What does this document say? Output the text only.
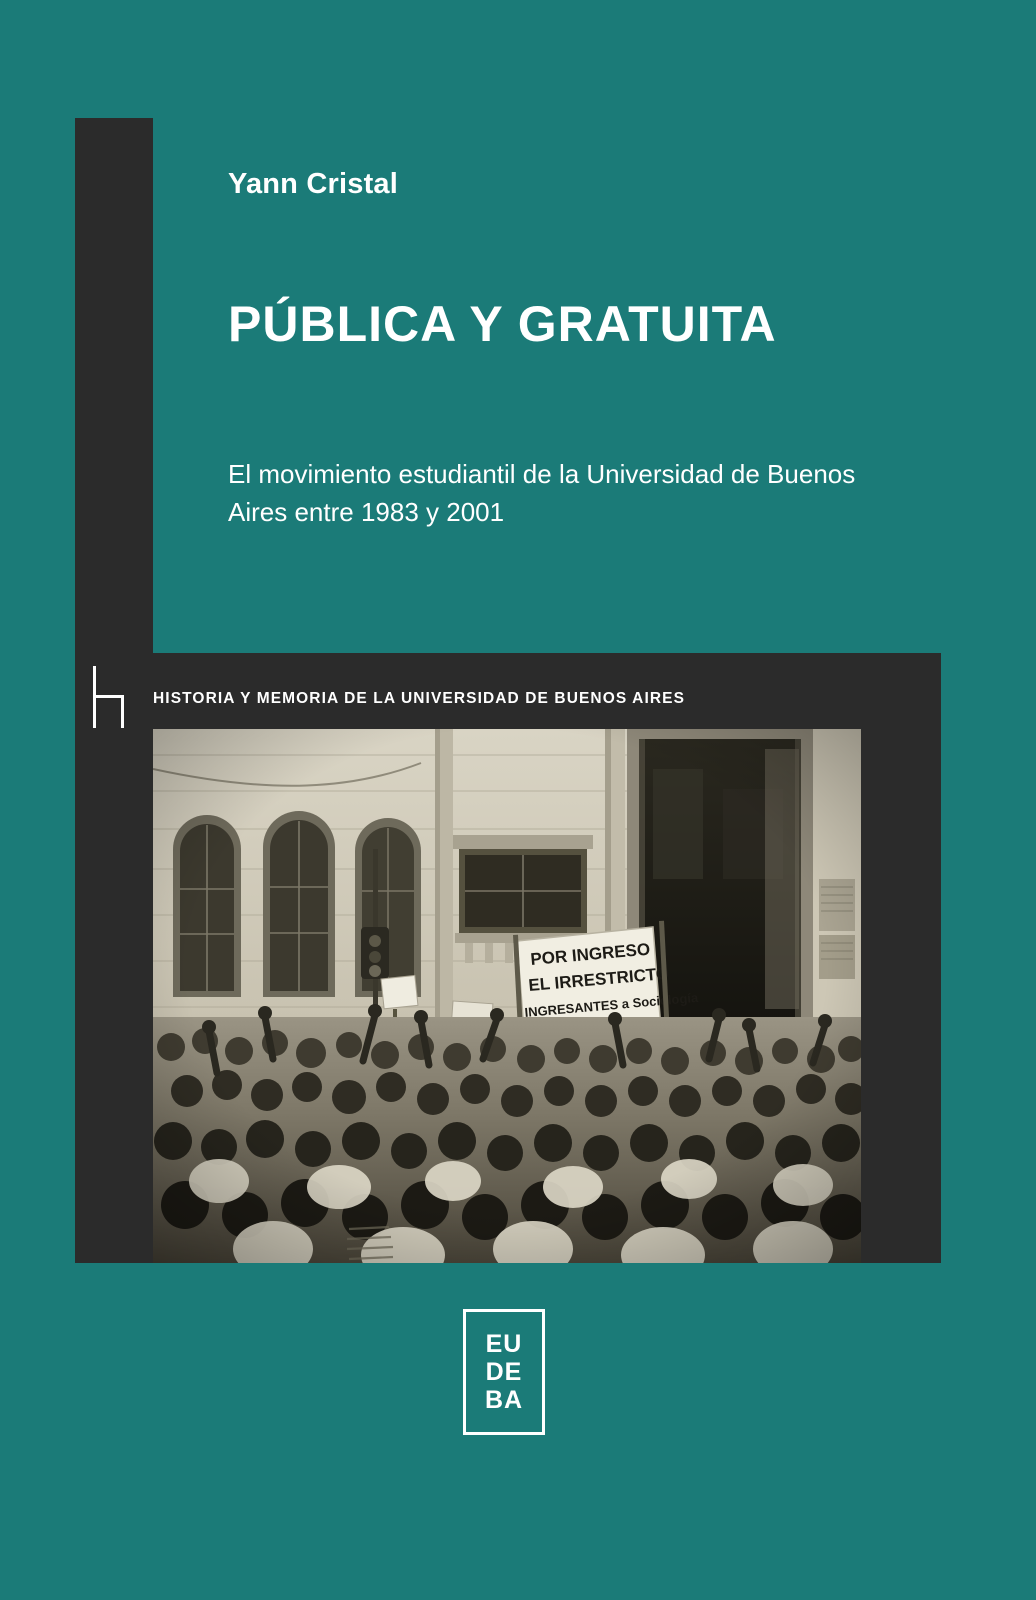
Yann Cristal
PÚBLICA Y GRATUITA
El movimiento estudiantil de la Universidad de Buenos Aires entre 1983 y 2001
HISTORIA Y MEMORIA DE LA UNIVERSIDAD DE BUENOS AIRES
EU
DE
BA
